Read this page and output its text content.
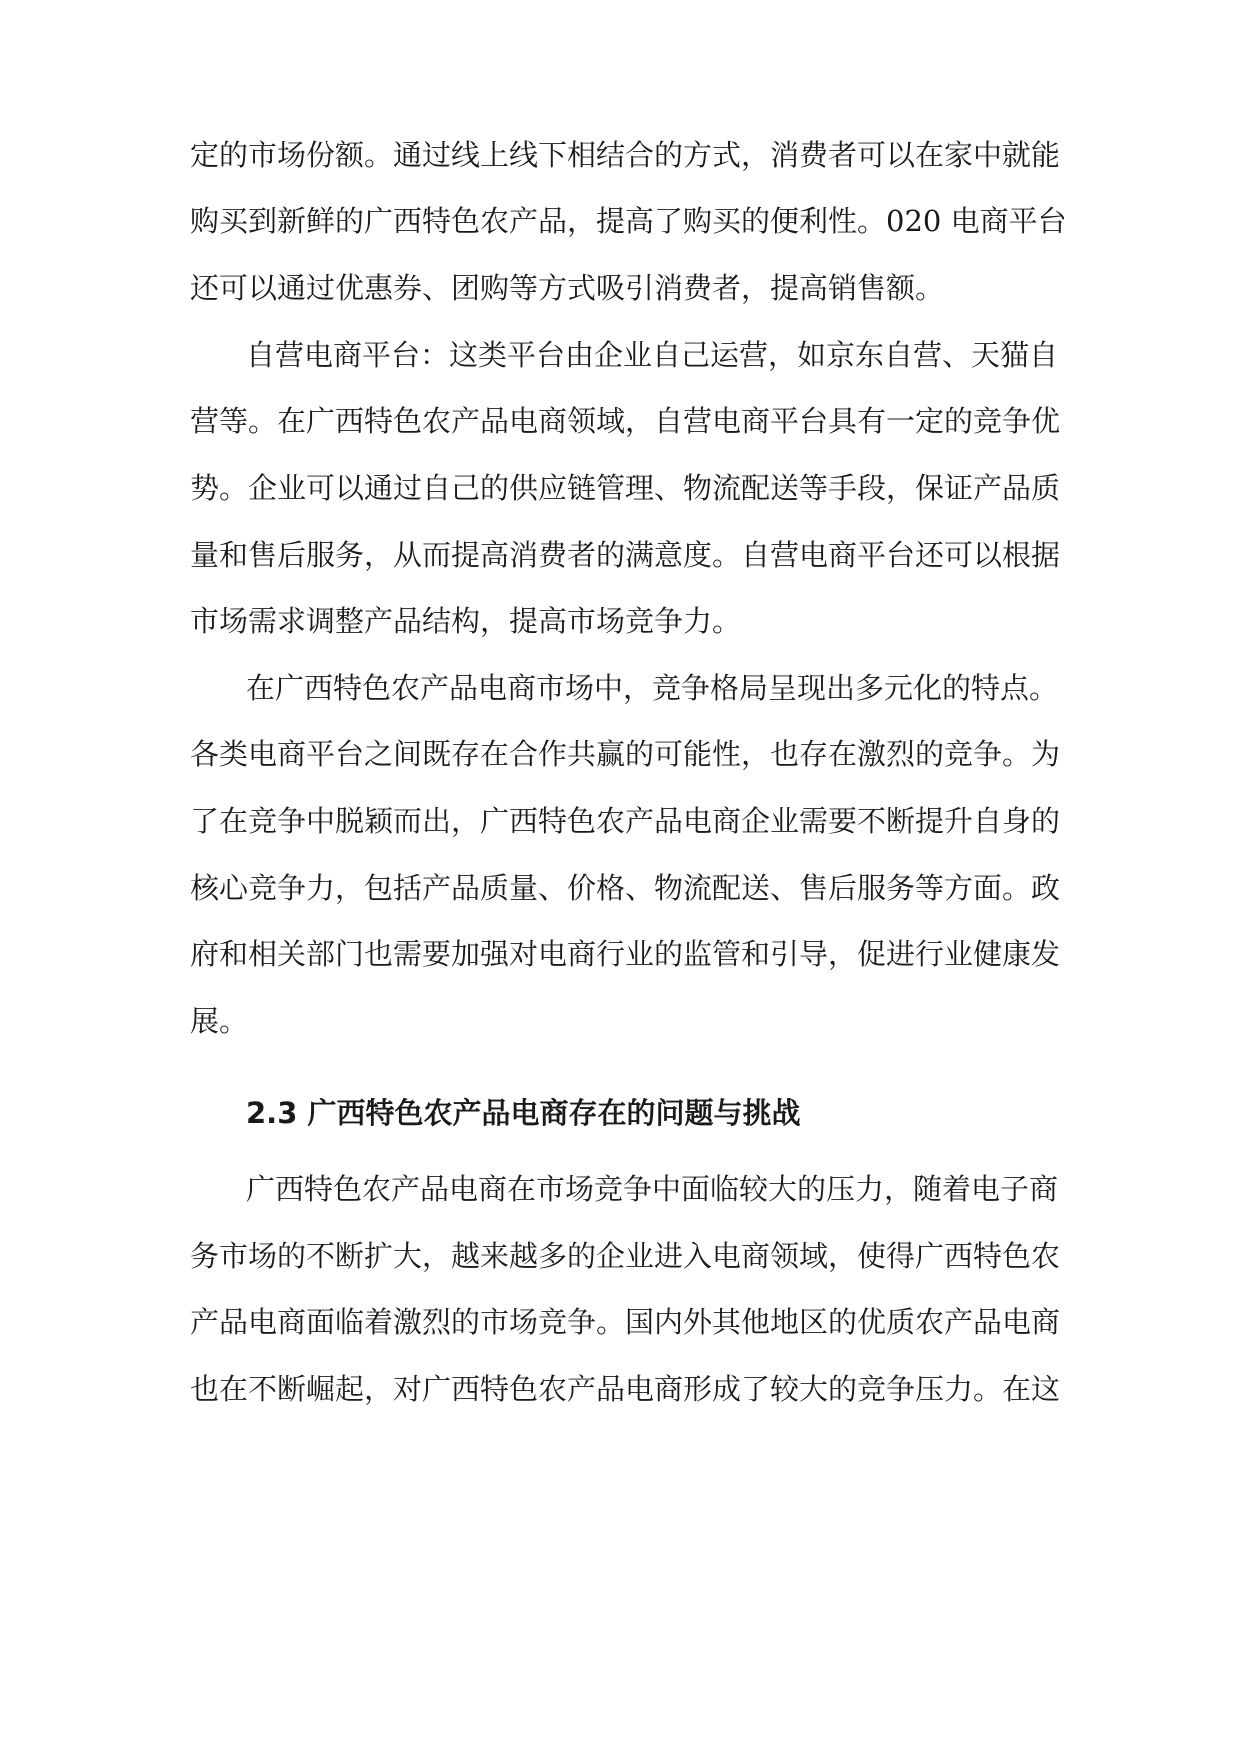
定的市场份额。通过线上线下相结合的方式，消费者可以在家中就能
购买到新鲜的广西特色农产品，提高了购买的便利性。020 电商平台
还可以通过优惠券、团购等方式吸引消费者，提高销售额。
自营电商平台：这类平台由企业自己运营，如京东自营、天猫自
营等。在广西特色农产品电商领域，自营电商平台具有一定的竞争优
势。企业可以通过自己的供应链管理、物流配送等手段，保证产品质
量和售后服务，从而提高消费者的满意度。自营电商平台还可以根据
市场需求调整产品结构，提高市场竞争力。
在广西特色农产品电商市场中，竞争格局呈现出多元化的特点。
各类电商平台之间既存在合作共赢的可能性，也存在激烈的竞争。为
了在竞争中脱颖而出，广西特色农产品电商企业需要不断提升自身的
核心竞争力，包括产品质量、价格、物流配送、售后服务等方面。政
府和相关部门也需要加强对电商行业的监管和引导，促进行业健康发
展。
2.3 广西特色农产品电商存在的问题与挑战
广西特色农产品电商在市场竞争中面临较大的压力，随着电子商
务市场的不断扩大，越来越多的企业进入电商领域，使得广西特色农
产品电商面临着激烈的市场竞争。国内外其他地区的优质农产品电商
也在不断崛起，对广西特色农产品电商形成了较大的竞争压力。在这
